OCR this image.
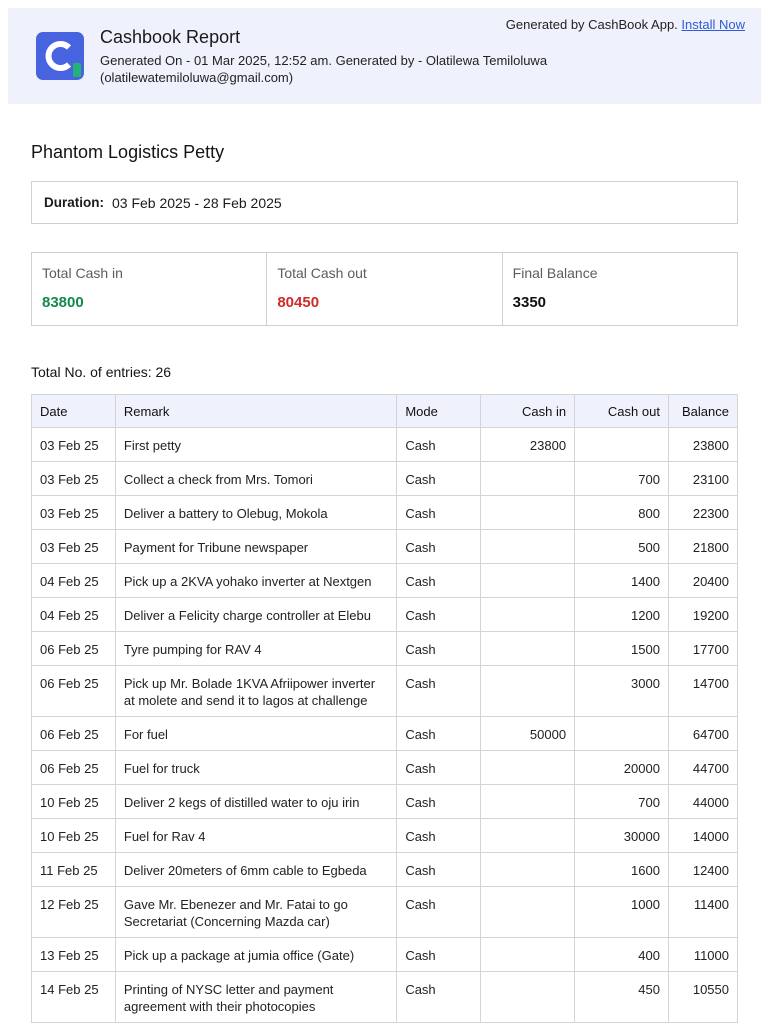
Cashbook Report
Generated On - 01 Mar 2025, 12:52 am. Generated by - Olatilewa Temiloluwa (olatilewatemiloluwa@gmail.com)
Generated by CashBook App. Install Now
Phantom Logistics Petty
Duration: 03 Feb 2025 - 28 Feb 2025
Total Cash in
83800
Total Cash out
80450
Final Balance
3350
Total No. of entries: 26
Date	Remark	Mode	Cash in	Cash out	Balance
03 Feb 25	First petty	Cash	23800		23800
03 Feb 25	Collect a check from Mrs. Tomori	Cash		700	23100
03 Feb 25	Deliver a battery to Olebug, Mokola	Cash		800	22300
03 Feb 25	Payment for Tribune newspaper	Cash		500	21800
04 Feb 25	Pick up a 2KVA yohako inverter at Nextgen	Cash		1400	20400
04 Feb 25	Deliver a Felicity charge controller at Elebu	Cash		1200	19200
06 Feb 25	Tyre pumping for RAV 4	Cash		1500	17700
06 Feb 25	Pick up Mr. Bolade 1KVA Afriipower inverter at molete and send it to lagos at challenge	Cash		3000	14700
06 Feb 25	For fuel	Cash	50000		64700
06 Feb 25	Fuel for truck	Cash		20000	44700
10 Feb 25	Deliver 2 kegs of distilled water to oju irin	Cash		700	44000
10 Feb 25	Fuel for Rav 4	Cash		30000	14000
11 Feb 25	Deliver 20meters of 6mm cable to Egbeda	Cash		1600	12400
12 Feb 25	Gave Mr. Ebenezer and Mr. Fatai to go Secretariat (Concerning Mazda car)	Cash		1000	11400
13 Feb 25	Pick up a package at jumia office (Gate)	Cash		400	11000
14 Feb 25	Printing of NYSC letter and payment agreement with their photocopies	Cash		450	10550
